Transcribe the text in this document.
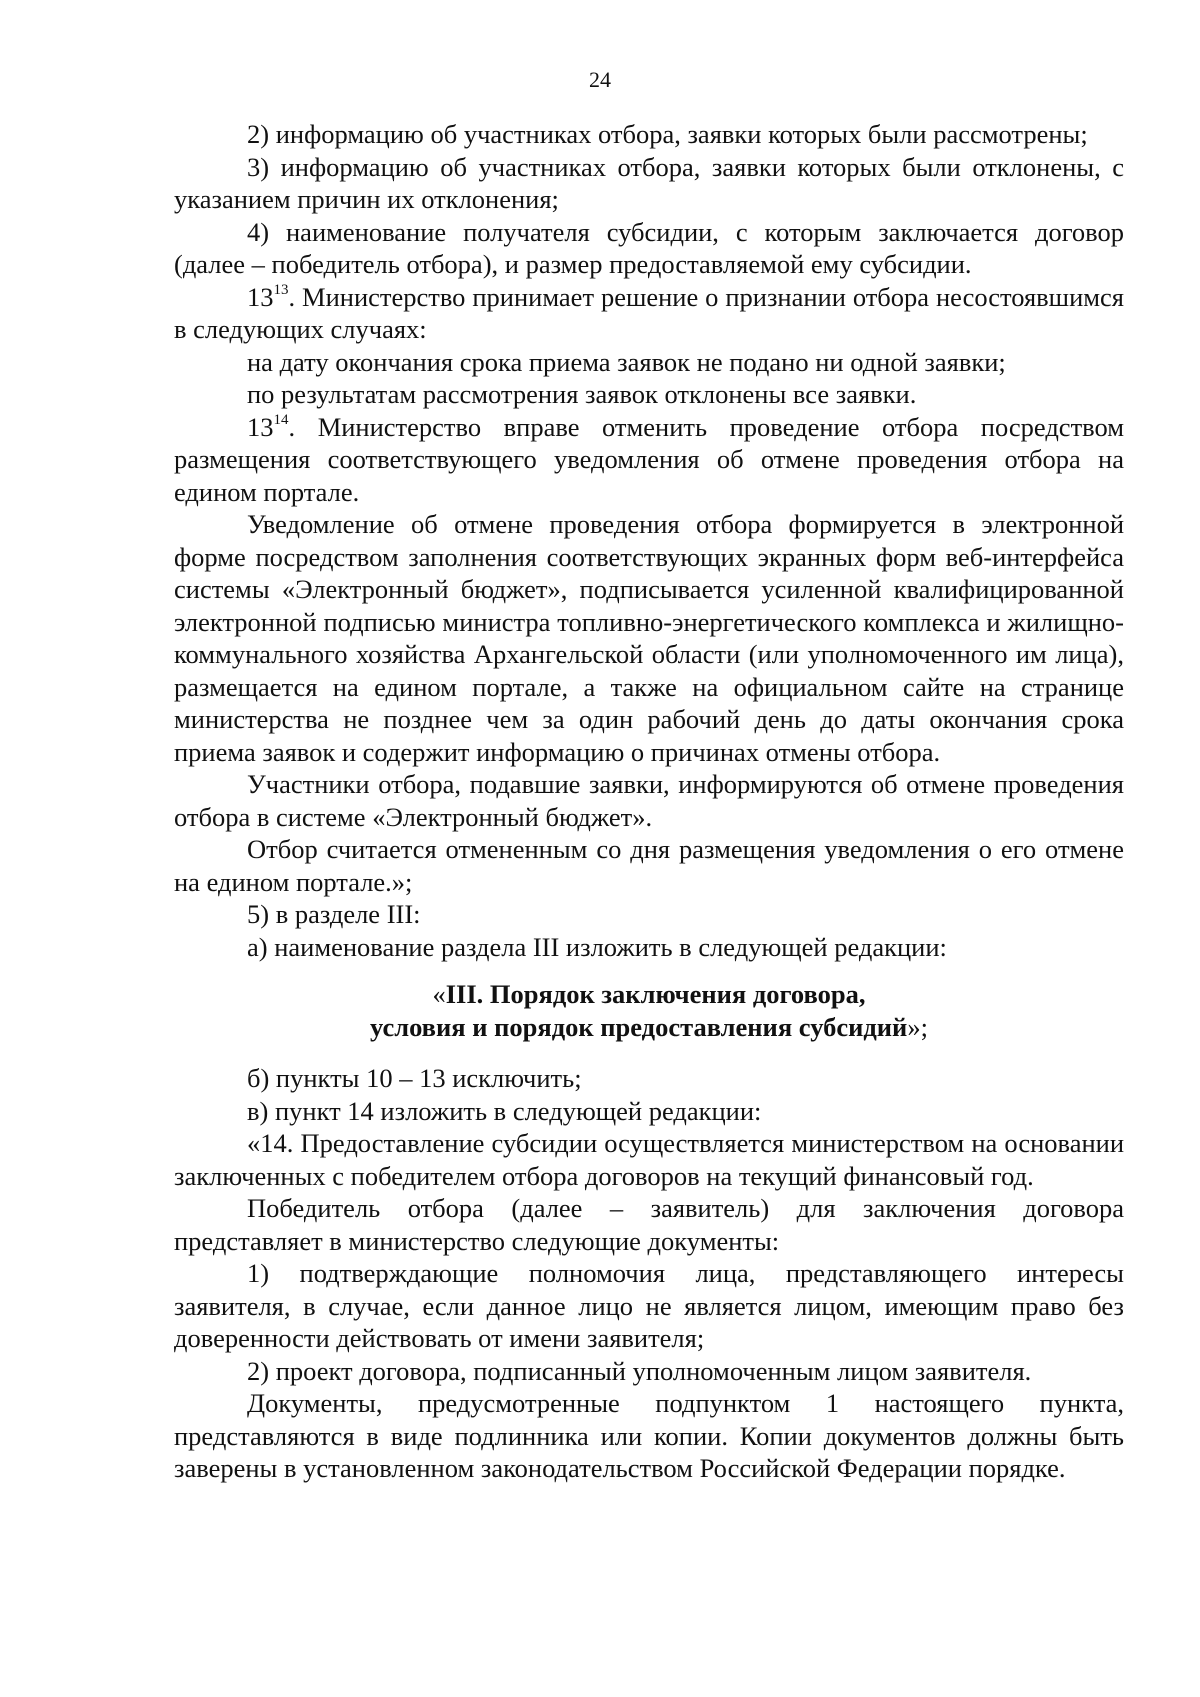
24

2) информацию об участниках отбора, заявки которых были рассмотрены;

3) информацию об участниках отбора, заявки которых были отклонены, с указанием причин их отклонения;

4) наименование получателя субсидии, с которым заключается договор (далее – победитель отбора), и размер предоставляемой ему субсидии.

$13^{13}$. Министерство принимает решение о признании отбора несостоявшимся в следующих случаях:

на дату окончания срока приема заявок не подано ни одной заявки;

по результатам рассмотрения заявок отклонены все заявки.

$13^{14}$. Министерство вправе отменить проведение отбора посредством размещения соответствующего уведомления об отмене проведения отбора на едином портале.

Уведомление об отмене проведения отбора формируется в электронной форме посредством заполнения соответствующих экранных форм веб-интерфейса системы «Электронный бюджет», подписывается усиленной квалифицированной электронной подписью министра топливно-энергетического комплекса и жилищно-коммунального хозяйства Архангельской области (или уполномоченного им лица), размещается на едином портале, а также на официальном сайте на странице министерства не позднее чем за один рабочий день до даты окончания срока приема заявок и содержит информацию о причинах отмены отбора.

Участники отбора, подавшие заявки, информируются об отмене проведения отбора в системе «Электронный бюджет».

Отбор считается отмененным со дня размещения уведомления о его отмене на едином портале.»;

5) в разделе III:

а) наименование раздела III изложить в следующей редакции:

«III. Порядок заключения договора,
условия и порядок предоставления субсидий»;

б) пункты 10 – 13 исключить;

в) пункт 14 изложить в следующей редакции:

«14. Предоставление субсидии осуществляется министерством на основании заключенных с победителем отбора договоров на текущий финансовый год.

Победитель отбора (далее – заявитель) для заключения договора представляет в министерство следующие документы:

1) подтверждающие полномочия лица, представляющего интересы заявителя, в случае, если данное лицо не является лицом, имеющим право без доверенности действовать от имени заявителя;

2) проект договора, подписанный уполномоченным лицом заявителя.

Документы, предусмотренные подпунктом 1 настоящего пункта, представляются в виде подлинника или копии. Копии документов должны быть заверены в установленном законодательством Российской Федерации порядке.
